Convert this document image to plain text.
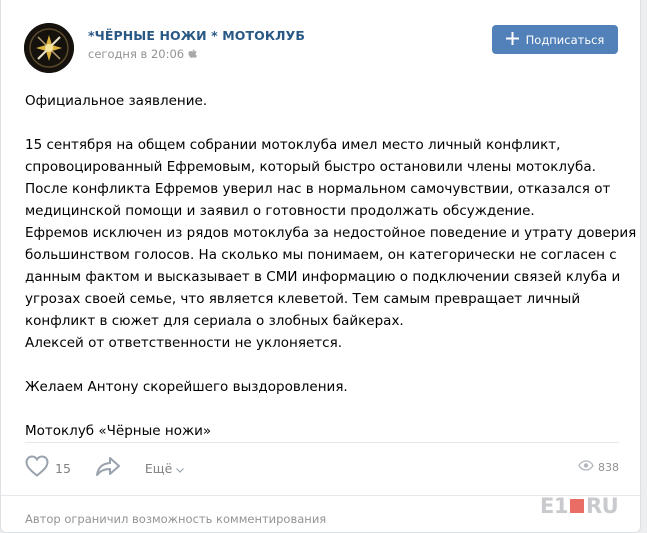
*ЧЁРНЫЕ НОЖИ * МОТОКЛУБ
сегодня в 20:06
Подписаться

Официальное заявление.

15 сентября на общем собрании мотоклуба имел место личный конфликт,

спровоцированный Ефремовым, который быстро остановили члены мотоклуба.

После конфликта Ефремов уверил нас в нормальном самочувствии, отказался от

медицинской помощи и заявил о готовности продолжать обсуждение.

Ефремов исключен из рядов мотоклуба за недостойное поведение и утрату доверия

большинством голосов. На сколько мы понимаем, он категорически не согласен с

данным фактом и высказывает в СМИ информацию о подключении связей клуба и

угрозах своей семье, что является клеветой. Тем самым превращает личный

конфликт в сюжет для сериала о злобных байкерах.

Алексей от ответственности не уклоняется.

Желаем Антону скорейшего выздоровления.

Мотоклуб «Чёрные ножи»

15	Ещё	838
Автор ограничил возможность комментирования
E1 RU
